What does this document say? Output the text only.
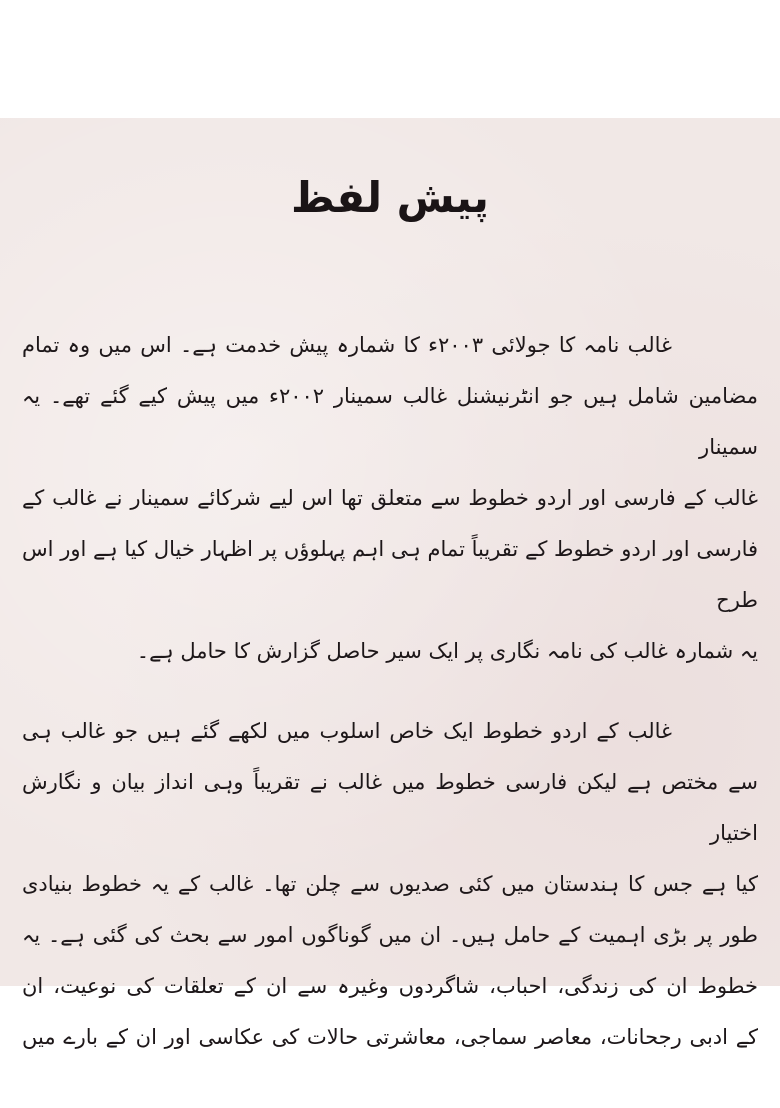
پیش لفظ
غالب نامہ کا جولائی ۲۰۰۳ء کا شمارہ پیش خدمت ہے۔ اس میں وہ تمام
مضامین شامل ہیں جو انٹرنیشنل غالب سمینار ۲۰۰۲ء میں پیش کیے گئے تھے۔ یہ سمینار
غالب کے فارسی اور اردو خطوط سے متعلق تھا اس لیے شرکائے سمینار نے غالب کے
فارسی اور اردو خطوط کے تقریباً تمام ہی اہم پہلوؤں پر اظہار خیال کیا ہے اور اس طرح
یہ شمارہ غالب کی نامہ نگاری پر ایک سیر حاصل گزارش کا حامل ہے۔
غالب کے اردو خطوط ایک خاص اسلوب میں لکھے گئے ہیں جو غالب ہی
سے مختص ہے لیکن فارسی خطوط میں غالب نے تقریباً وہی انداز بیان و نگارش اختیار
کیا ہے جس کا ہندستان میں کئی صدیوں سے چلن تھا۔ غالب کے یہ خطوط بنیادی
طور پر بڑی اہمیت کے حامل ہیں۔ ان میں گوناگوں امور سے بحث کی گئی ہے۔ یہ
خطوط ان کی زندگی، احباب، شاگردوں وغیرہ سے ان کے تعلقات کی نوعیت، ان
کے ادبی رجحانات، معاصر سماجی، معاشرتی حالات کی عکاسی اور ان کے بارے میں
